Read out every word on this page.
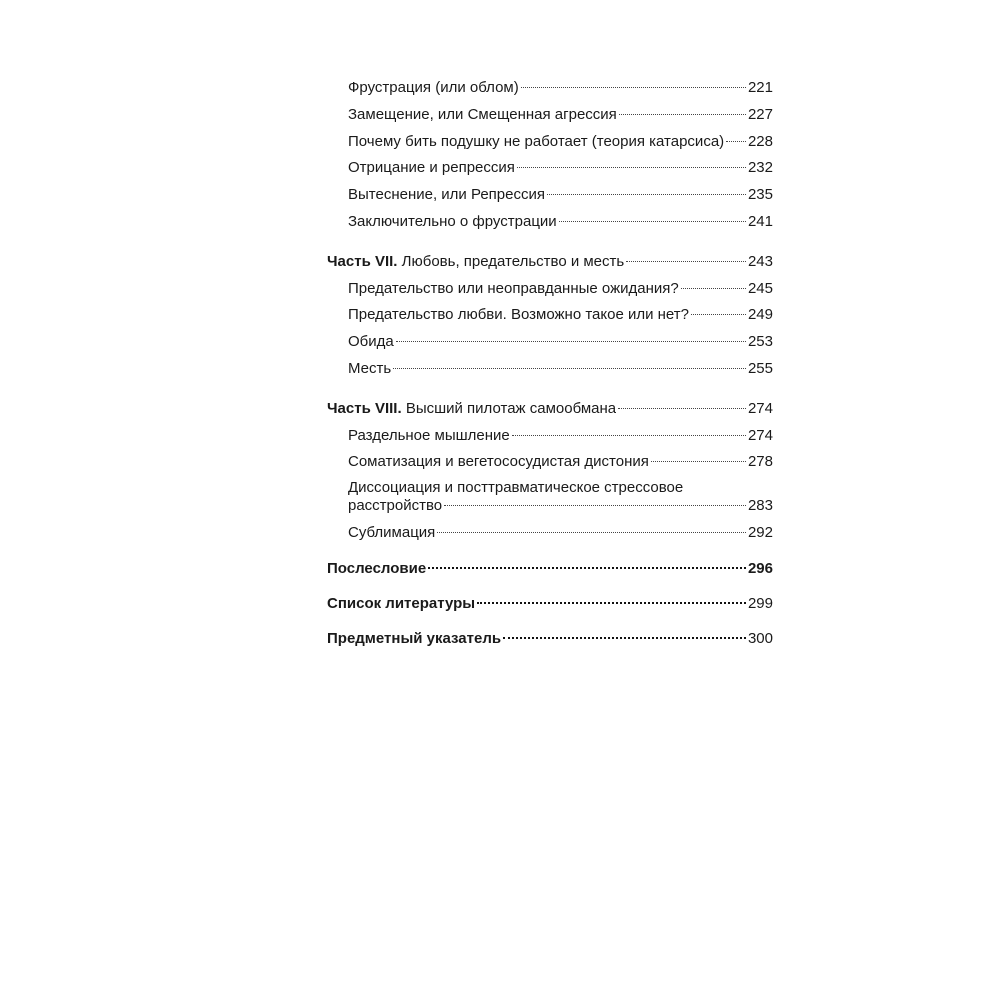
Фрустрация (или облом)	221
Замещение, или Смещенная агрессия	227
Почему бить подушку не работает (теория катарсиса) 228
Отрицание и репрессия	232
Вытеснение, или Репрессия	235
Заключительно о фрустрации	241
Часть VII. Любовь, предательство и месть	243
Предательство или неоправданные ожидания?	245
Предательство любви. Возможно такое или нет?	249
Обида	253
Месть	255
Часть VIII. Высший пилотаж самообмана	274
Раздельное мышление	274
Соматизация и вегетососудистая дистония	278
Диссоциация и посттравматическое стрессовое
расстройство	283
Сублимация	292
Послесловие	296
Список литературы	299
Предметный указатель	300
